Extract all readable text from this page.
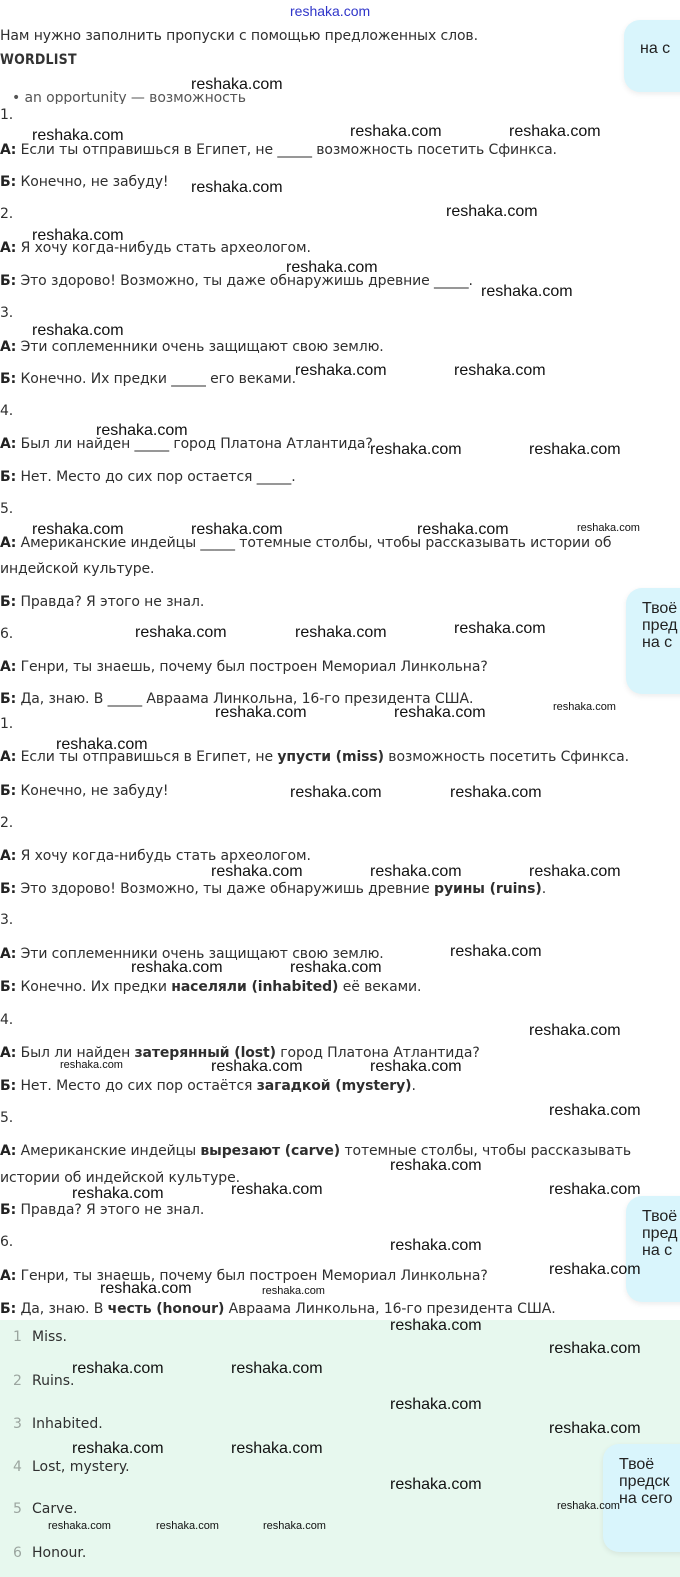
reshaka.com
Нам нужно заполнить пропуски с помощью предложенных слов.
WORDLIST
• an opportunity — возможность
на с
Твоё
пред
на с
Твоё
пред
на с
1.
А: Если ты отправишься в Египет, не _____ возможность посетить Сфинкса.
Б: Конечно, не забуду!
2.
А: Я хочу когда-нибудь стать археологом.
Б: Это здорово! Возможно, ты даже обнаружишь древние _____.
3.
А: Эти соплеменники очень защищают свою землю.
Б: Конечно. Их предки _____ его веками.
4.
А: Был ли найден _____ город Платона Атлантида?
Б: Нет. Место до сих пор остается _____.
5.
А: Американские индейцы _____ тотемные столбы, чтобы рассказывать истории об
индейской культуре.
Б: Правда? Я этого не знал.
6.
А: Генри, ты знаешь, почему был построен Мемориал Линкольна?
Б: Да, знаю. В _____ Авраама Линкольна, 16-го президента США.
1.
А: Если ты отправишься в Египет, не упусти (miss) возможность посетить Сфинкса.
Б: Конечно, не забуду!
2.
А: Я хочу когда-нибудь стать археологом.
Б: Это здорово! Возможно, ты даже обнаружишь древние руины (ruins).
3.
А: Эти соплеменники очень защищают свою землю.
Б: Конечно. Их предки населяли (inhabited) её веками.
4.
А: Был ли найден затерянный (lost) город Платона Атлантида?
Б: Нет. Место до сих пор остаётся загадкой (mystery).
5.
А: Американские индейцы вырезают (carve) тотемные столбы, чтобы рассказывать
истории об индейской культуре.
Б: Правда? Я этого не знал.
6.
А: Генри, ты знаешь, почему был построен Мемориал Линкольна?
Б: Да, знаю. В честь (honour) Авраама Линкольна, 16-го президента США.
1 Miss.
2 Ruins.
3 Inhabited.
4 Lost, mystery.
5 Carve.
6 Honour.
Твоё
предск
на сего
reshaka.com
reshaka.com	reshaka.com	reshaka.com
reshaka.com
reshaka.com
reshaka.com
reshaka.com
reshaka.com
reshaka.com
reshaka.com	reshaka.com
reshaka.com
reshaka.com	reshaka.com
reshaka.com	reshaka.com	reshaka.com	reshaka.com
reshaka.com	reshaka.com	reshaka.com
reshaka.com	reshaka.com	reshaka.com
reshaka.com
reshaka.com	reshaka.com
reshaka.com	reshaka.com	reshaka.com
reshaka.com
reshaka.com	reshaka.com
reshaka.com
reshaka.com	reshaka.com	reshaka.com
reshaka.com
reshaka.com
reshaka.com	reshaka.com	reshaka.com
reshaka.com
reshaka.com	reshaka.com
reshaka.com
reshaka.com
reshaka.com
reshaka.com	reshaka.com
reshaka.com
reshaka.com
reshaka.com	reshaka.com
reshaka.com
reshaka.com
reshaka.com	reshaka.com	reshaka.com
